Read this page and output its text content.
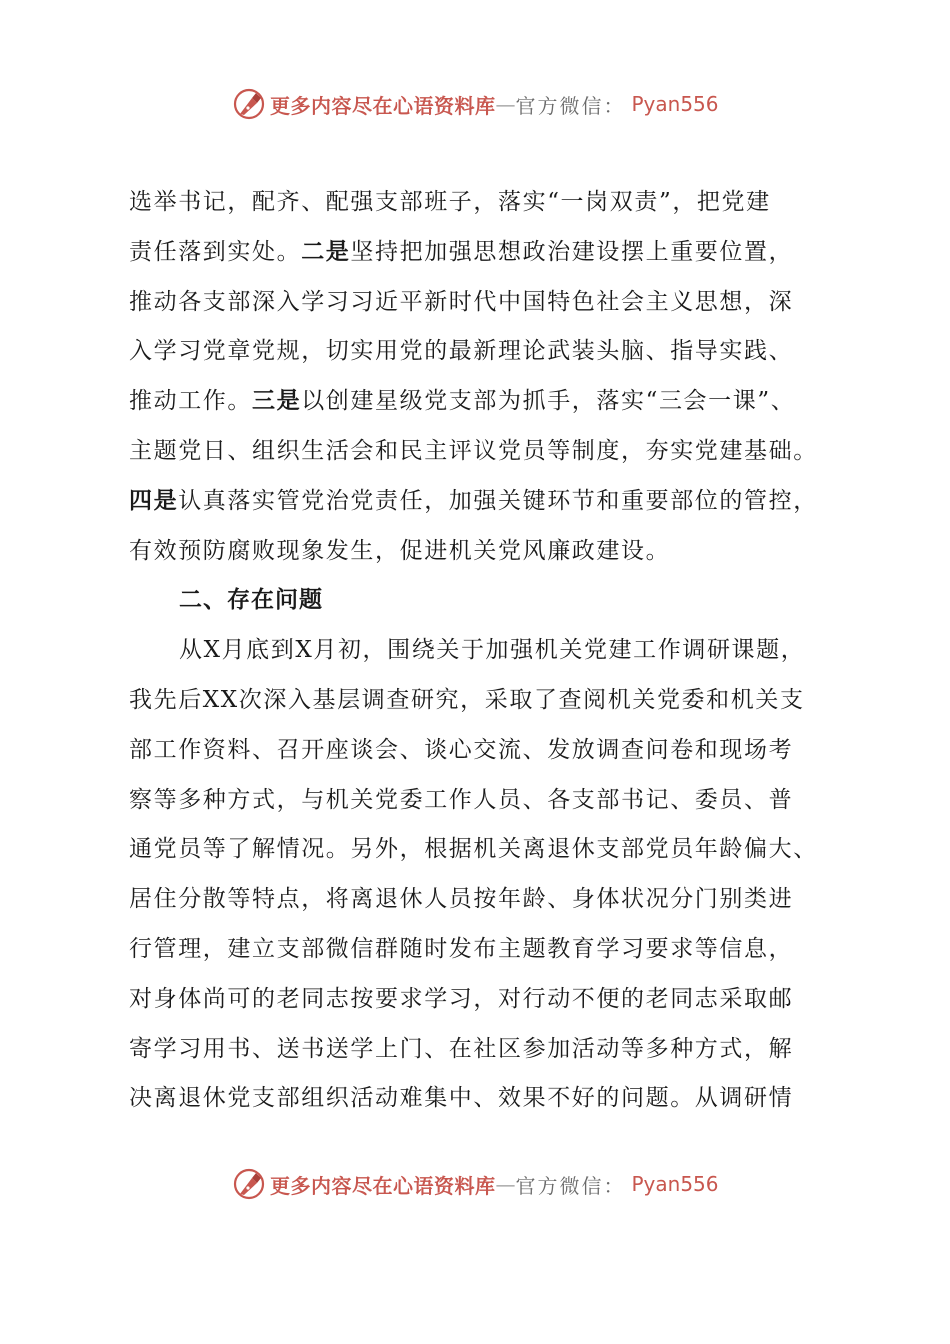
更多内容尽在心语资料库 — 官方微信： Pyan556
选举书记，配齐、配强支部班子，落实“一岗双责”，把党建
责任落到实处。二是坚持把加强思想政治建设摆上重要位置，
推动各支部深入学习习近平新时代中国特色社会主义思想，深
入学习党章党规，切实用党的最新理论武装头脑、指导实践、
推动工作。三是以创建星级党支部为抓手，落实“三会一课”、
主题党日、组织生活会和民主评议党员等制度，夯实党建基础。
四是认真落实管党治党责任，加强关键环节和重要部位的管控，
有效预防腐败现象发生，促进机关党风廉政建设。
二、存在问题
从X月底到X月初，围绕关于加强机关党建工作调研课题，
我先后XX次深入基层调查研究，采取了查阅机关党委和机关支
部工作资料、召开座谈会、谈心交流、发放调查问卷和现场考
察等多种方式，与机关党委工作人员、各支部书记、委员、普
通党员等了解情况。另外，根据机关离退休支部党员年龄偏大、
居住分散等特点，将离退休人员按年龄、身体状况分门别类进
行管理，建立支部微信群随时发布主题教育学习要求等信息，
对身体尚可的老同志按要求学习，对行动不便的老同志采取邮
寄学习用书、送书送学上门、在社区参加活动等多种方式，解
决离退休党支部组织活动难集中、效果不好的问题。从调研情
更多内容尽在心语资料库 — 官方微信： Pyan556
